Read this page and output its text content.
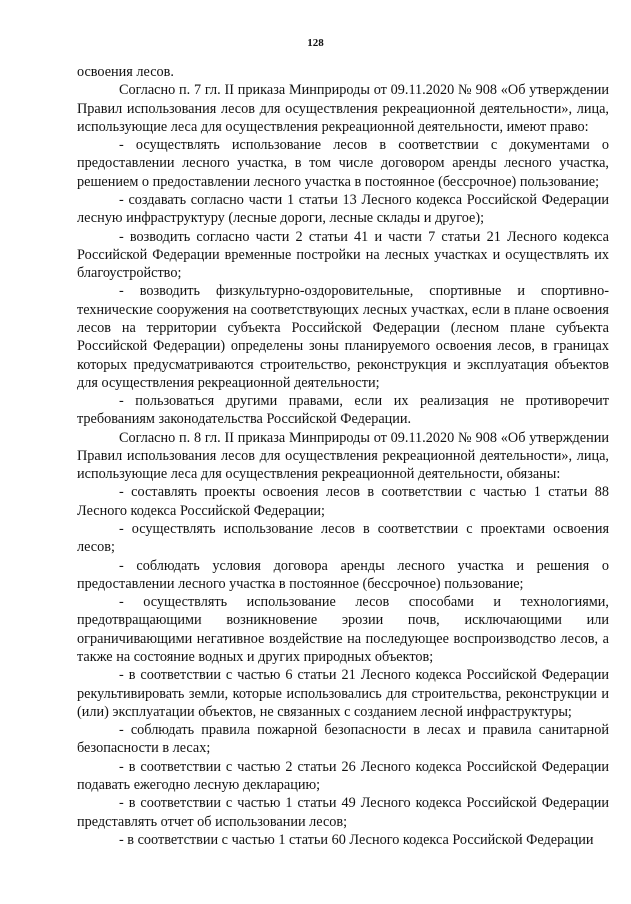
128

освоения лесов.

Согласно п. 7 гл. II приказа Минприроды от 09.11.2020 № 908 «Об утверждении Правил использования лесов для осуществления рекреационной деятельности», лица, использующие леса для осуществления рекреационной деятельности, имеют право:

- осуществлять использование лесов в соответствии с документами о предоставлении лесного участка, в том числе договором аренды лесного участка, решением о предоставлении лесного участка в постоянное (бессрочное) пользование;

- создавать согласно части 1 статьи 13 Лесного кодекса Российской Федерации лесную инфраструктуру (лесные дороги, лесные склады и другое);

- возводить согласно части 2 статьи 41 и части 7 статьи 21 Лесного кодекса Российской Федерации временные постройки на лесных участках и осуществлять их благоустройство;

- возводить физкультурно-оздоровительные, спортивные и спортивно-технические сооружения на соответствующих лесных участках, если в плане освоения лесов на территории субъекта Российской Федерации (лесном плане субъекта Российской Федерации) определены зоны планируемого освоения лесов, в границах которых предусматриваются строительство, реконструкция и эксплуатация объектов для осуществления рекреационной деятельности;

- пользоваться другими правами, если их реализация не противоречит требованиям законодательства Российской Федерации.

Согласно п. 8 гл. II приказа Минприроды от 09.11.2020 № 908 «Об утверждении Правил использования лесов для осуществления рекреационной деятельности», лица, использующие леса для осуществления рекреационной деятельности, обязаны:

- составлять проекты освоения лесов в соответствии с частью 1 статьи 88 Лесного кодекса Российской Федерации;

- осуществлять использование лесов в соответствии с проектами освоения лесов;

- соблюдать условия договора аренды лесного участка и решения о предоставлении лесного участка в постоянное (бессрочное) пользование;

- осуществлять использование лесов способами и технологиями, предотвращающими возникновение эрозии почв, исключающими или ограничивающими негативное воздействие на последующее воспроизводство лесов, а также на состояние водных и других природных объектов;

- в соответствии с частью 6 статьи 21 Лесного кодекса Российской Федерации рекультивировать земли, которые использовались для строительства, реконструкции и (или) эксплуатации объектов, не связанных с созданием лесной инфраструктуры;

- соблюдать правила пожарной безопасности в лесах и правила санитарной безопасности в лесах;

- в соответствии с частью 2 статьи 26 Лесного кодекса Российской Федерации подавать ежегодно лесную декларацию;

- в соответствии с частью 1 статьи 49 Лесного кодекса Российской Федерации представлять отчет об использовании лесов;

- в соответствии с частью 1 статьи 60 Лесного кодекса Российской Федерации
